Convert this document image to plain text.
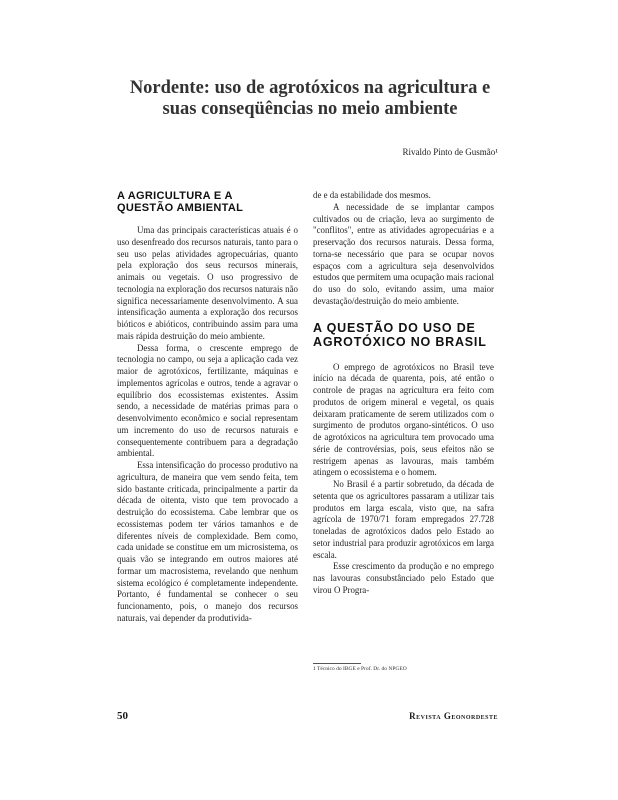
Nordente: uso de agrotóxicos na agricultura e
suas conseqüências no meio ambiente
Rivaldo Pinto de Gusmão¹
A AGRICULTURA E A
QUESTÃO AMBIENTAL

Uma das principais características atuais é o uso desenfreado dos recursos naturais, tanto para o seu uso pelas atividades agropecuárias, quanto pela exploração dos seus recursos minerais, animais ou vegetais. O uso progressivo de tecnologia na exploração dos recursos naturais não significa necessariamente desenvolvimento. A sua intensificação aumenta a exploração dos recursos bióticos e abióticos, contribuindo assim para uma mais rápida destruição do meio ambiente.

Dessa forma, o crescente emprego de tecnologia no campo, ou seja a aplicação cada vez maior de agrotóxicos, fertilizante, máquinas e implementos agrícolas e outros, tende a agravar o equilíbrio dos ecossistemas existentes. Assim sendo, a necessidade de matérias primas para o desenvolvimento econômico e social representam um incremento do uso de recursos naturais e consequentemente contribuem para a degradação ambiental.

Essa intensificação do processo produtivo na agricultura, de maneira que vem sendo feita, tem sido bastante criticada, principalmente a partir da década de oitenta, visto que tem provocado a destruição do ecossistema. Cabe lembrar que os ecossistemas podem ter vários tamanhos e de diferentes níveis de complexidade. Bem como, cada unidade se constitue em um microsistema, os quais vão se integrando em outros maiores até formar um macrosistema, revelando que nenhum sistema ecológico é completamente independente. Portanto, é fundamental se conhecer o seu funcionamento, pois, o manejo dos recursos naturais, vai depender da produtivida-

de e da estabilidade dos mesmos.

A necessidade de se implantar campos cultivados ou de criação, leva ao surgimento de "conflitos", entre as atividades agropecuárias e a preservação dos recursos naturais. Dessa forma, torna-se necessário que para se ocupar novos espaços com a agricultura seja desenvolvidos estudos que permitem uma ocupação mais racional do uso do solo, evitando assim, uma maior devastação/destruição do meio ambiente.

A QUESTÃO DO USO DE
AGROTÓXICO NO BRASIL

O emprego de agrotóxicos no Brasil teve início na década de quarenta, pois, até então o controle de pragas na agricultura era feito com produtos de origem mineral e vegetal, os quais deixaram praticamente de serem utilizados com o surgimento de produtos organo-sintéticos. O uso de agrotóxicos na agricultura tem provocado uma série de controvérsias, pois, seus efeitos não se restrigem apenas as lavouras, mais também atingem o ecossistema e o homem.

No Brasil é a partir sobretudo, da década de setenta que os agricultores passaram a utilizar tais produtos em larga escala, visto que, na safra agrícola de 1970/71 foram empregados 27.728 toneladas de agrotóxicos dados pelo Estado ao setor industrial para produzir agrotóxicos em larga escala.

Esse crescimento da produção e no emprego nas lavouras consubstânciado pelo Estado que virou O Progra-

1 Técnico do IBGE e Prof. Dr. do NPGEO
50	Revista Geonordeste
